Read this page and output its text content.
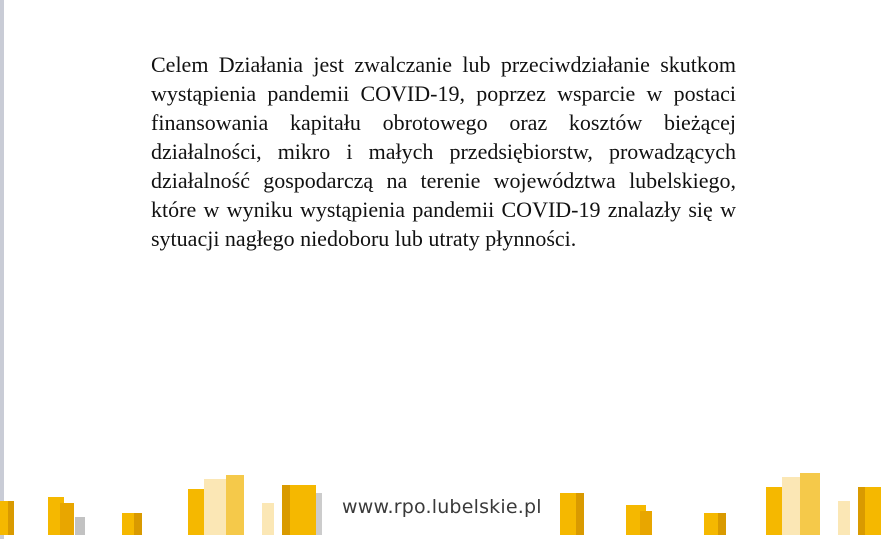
Celem Działania jest zwalczanie lub przeciwdziałanie skutkom wystąpienia pandemii COVID-19, poprzez wsparcie w postaci finansowania kapitału obrotowego oraz kosztów bieżącej działalności, mikro i małych przedsiębiorstw, prowadzących działalność gospodarczą na terenie województwa lubelskiego, które w wyniku wystąpienia pandemii COVID-19 znalazły się w sytuacji nagłego niedoboru lub utraty płynności.

www.rpo.lubelskie.pl
